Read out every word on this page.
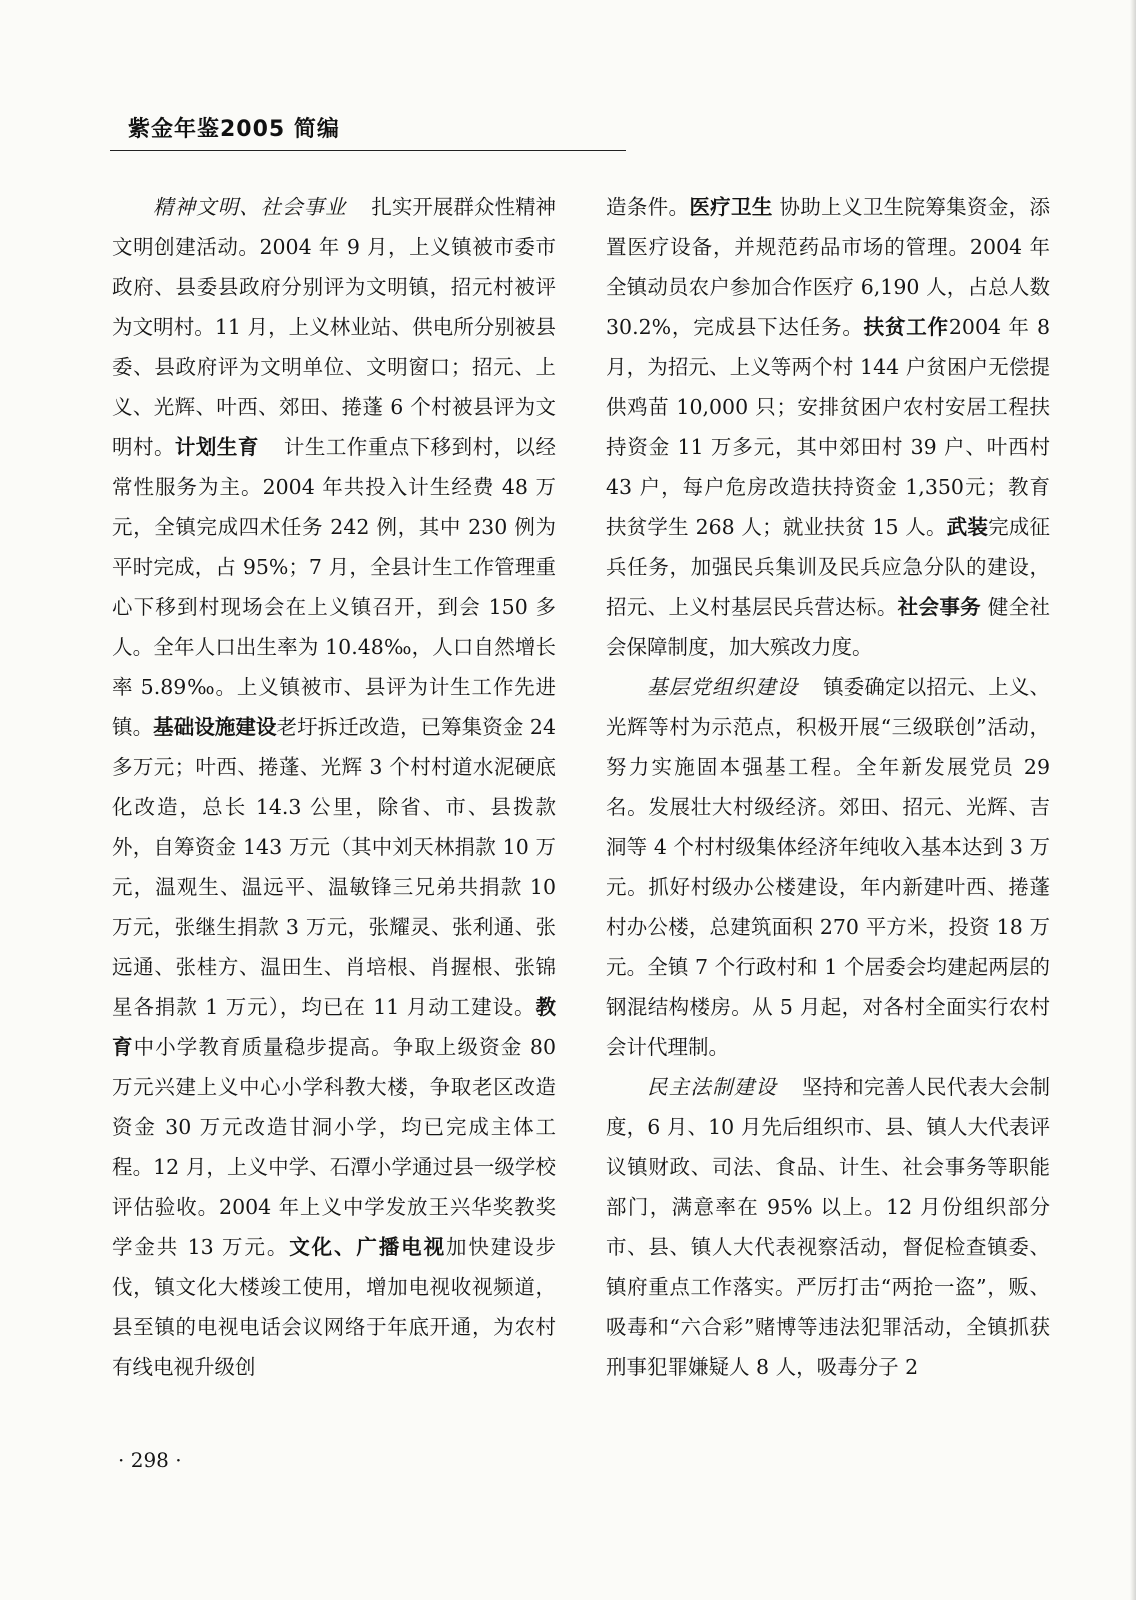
紫金年鉴2005 简编

精神文明、社会事业 扎实开展群众性精神文明创建活动。2004 年 9 月，上义镇被市委市政府、县委县政府分别评为文明镇，招元村被评为文明村。11 月，上义林业站、供电所分别被县委、县政府评为文明单位、文明窗口；招元、上义、光辉、叶西、郊田、捲蓬 6 个村被县评为文明村。计划生育 计生工作重点下移到村，以经常性服务为主。2004 年共投入计生经费 48 万元，全镇完成四术任务 242 例，其中 230 例为平时完成，占 95%；7 月，全县计生工作管理重心下移到村现场会在上义镇召开，到会 150 多人。全年人口出生率为 10.48‰，人口自然增长率 5.89‰。上义镇被市、县评为计生工作先进镇。基础设施建设老圩拆迁改造，已筹集资金 24 多万元；叶西、捲蓬、光辉 3 个村村道水泥硬底化改造，总长 14.3 公里，除省、市、县拨款外，自筹资金 143 万元（其中刘天林捐款 10 万元，温观生、温远平、温敏锋三兄弟共捐款 10 万元，张继生捐款 3 万元，张耀灵、张利通、张远通、张桂方、温田生、肖培根、肖握根、张锦星各捐款 1 万元），均已在 11 月动工建设。教育中小学教育质量稳步提高。争取上级资金 80 万元兴建上义中心小学科教大楼，争取老区改造资金 30 万元改造甘洞小学，均已完成主体工程。12 月，上义中学、石潭小学通过县一级学校评估验收。2004 年上义中学发放王兴华奖教奖学金共 13 万元。文化、广播电视加快建设步伐，镇文化大楼竣工使用，增加电视收视频道，县至镇的电视电话会议网络于年底开通，为农村有线电视升级创

造条件。医疗卫生 协助上义卫生院筹集资金，添置医疗设备，并规范药品市场的管理。2004 年全镇动员农户参加合作医疗 6,190 人，占总人数 30.2%，完成县下达任务。扶贫工作2004 年 8 月，为招元、上义等两个村 144 户贫困户无偿提供鸡苗 10,000 只；安排贫困户农村安居工程扶持资金 11 万多元，其中郊田村 39 户、叶西村 43 户，每户危房改造扶持资金 1,350元；教育扶贫学生 268 人；就业扶贫 15 人。武装完成征兵任务，加强民兵集训及民兵应急分队的建设，招元、上义村基层民兵营达标。社会事务 健全社会保障制度，加大殡改力度。

基层党组织建设 镇委确定以招元、上义、光辉等村为示范点，积极开展“三级联创”活动，努力实施固本强基工程。全年新发展党员 29 名。发展壮大村级经济。郊田、招元、光辉、吉洞等 4 个村村级集体经济年纯收入基本达到 3 万元。抓好村级办公楼建设，年内新建叶西、捲蓬村办公楼，总建筑面积 270 平方米，投资 18 万元。全镇 7 个行政村和 1 个居委会均建起两层的钢混结构楼房。从 5 月起，对各村全面实行农村会计代理制。

民主法制建设 坚持和完善人民代表大会制度，6 月、10 月先后组织市、县、镇人大代表评议镇财政、司法、食品、计生、社会事务等职能部门，满意率在 95% 以上。12 月份组织部分市、县、镇人大代表视察活动，督促检查镇委、镇府重点工作落实。严厉打击“两抢一盗”，贩、吸毒和“六合彩”赌博等违法犯罪活动，全镇抓获刑事犯罪嫌疑人 8 人，吸毒分子 2

· 298 ·
